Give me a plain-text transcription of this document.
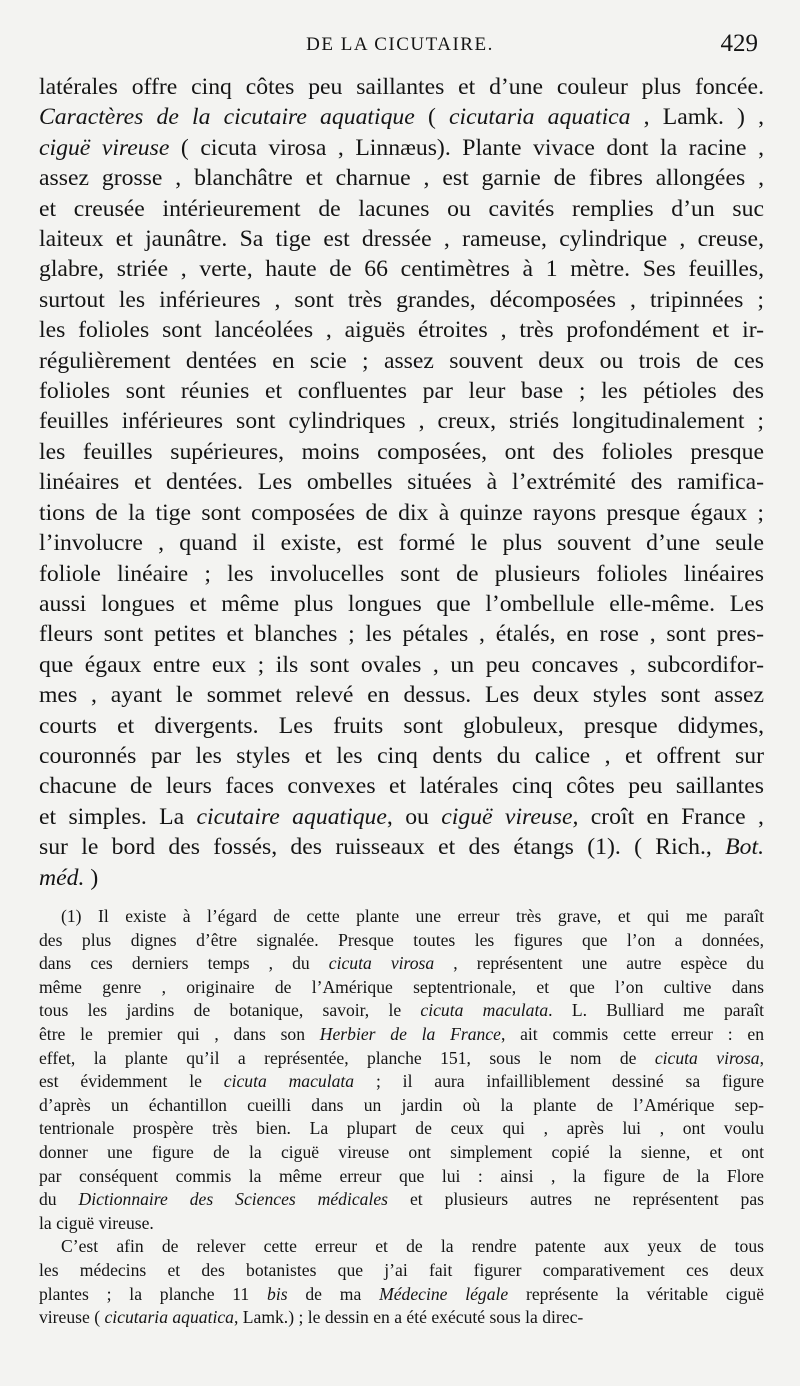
DE LA CICUTAIRE.	429
latérales offre cinq côtes peu saillantes et d’une couleur plus foncée.
Caractères de la cicutaire aquatique ( cicutaria aquatica , Lamk. ) ,
ciguë vireuse ( cicuta virosa , Linnæus). Plante vivace dont la racine ,
assez grosse , blanchâtre et charnue , est garnie de fibres allongées ,
et creusée intérieurement de lacunes ou cavités remplies d’un suc
laiteux et jaunâtre. Sa tige est dressée , rameuse, cylindrique , creuse,
glabre, striée , verte, haute de 66 centimètres à 1 mètre. Ses feuilles,
surtout les inférieures , sont très grandes, décomposées , tripinnées ;
les folioles sont lancéolées , aiguës étroites , très profondément et ir-
régulièrement dentées en scie ; assez souvent deux ou trois de ces
folioles sont réunies et confluentes par leur base ; les pétioles des
feuilles inférieures sont cylindriques , creux, striés longitudinalement ;
les feuilles supérieures, moins composées, ont des folioles presque
linéaires et dentées. Les ombelles situées à l’extrémité des ramifica-
tions de la tige sont composées de dix à quinze rayons presque égaux ;
l’involucre , quand il existe, est formé le plus souvent d’une seule
foliole linéaire ; les involucelles sont de plusieurs folioles linéaires
aussi longues et même plus longues que l’ombellule elle-même. Les
fleurs sont petites et blanches ; les pétales , étalés, en rose , sont pres-
que égaux entre eux ; ils sont ovales , un peu concaves , subcordifor-
mes , ayant le sommet relevé en dessus. Les deux styles sont assez
courts et divergents. Les fruits sont globuleux, presque didymes,
couronnés par les styles et les cinq dents du calice , et offrent sur
chacune de leurs faces convexes et latérales cinq côtes peu saillantes
et simples. La cicutaire aquatique, ou ciguë vireuse, croît en France ,
sur le bord des fossés, des ruisseaux et des étangs (1). ( Rich., Bot.
méd. )
(1) Il existe à l’égard de cette plante une erreur très grave, et qui me paraît
des plus dignes d’être signalée. Presque toutes les figures que l’on a données,
dans ces derniers temps , du cicuta virosa , représentent une autre espèce du
même genre , originaire de l’Amérique septentrionale, et que l’on cultive dans
tous les jardins de botanique, savoir, le cicuta maculata. L. Bulliard me paraît
être le premier qui , dans son Herbier de la France, ait commis cette erreur : en
effet, la plante qu’il a représentée, planche 151, sous le nom de cicuta virosa,
est évidemment le cicuta maculata ; il aura infailliblement dessiné sa figure
d’après un échantillon cueilli dans un jardin où la plante de l’Amérique sep-
tentrionale prospère très bien. La plupart de ceux qui , après lui , ont voulu
donner une figure de la ciguë vireuse ont simplement copié la sienne, et ont
par conséquent commis la même erreur que lui : ainsi , la figure de la Flore
du Dictionnaire des Sciences médicales et plusieurs autres ne représentent pas
la ciguë vireuse.
C’est afin de relever cette erreur et de la rendre patente aux yeux de tous
les médecins et des botanistes que j’ai fait figurer comparativement ces deux
plantes ; la planche 11 bis de ma Médecine légale représente la véritable ciguë
vireuse ( cicutaria aquatica, Lamk.) ; le dessin en a été exécuté sous la direc-
